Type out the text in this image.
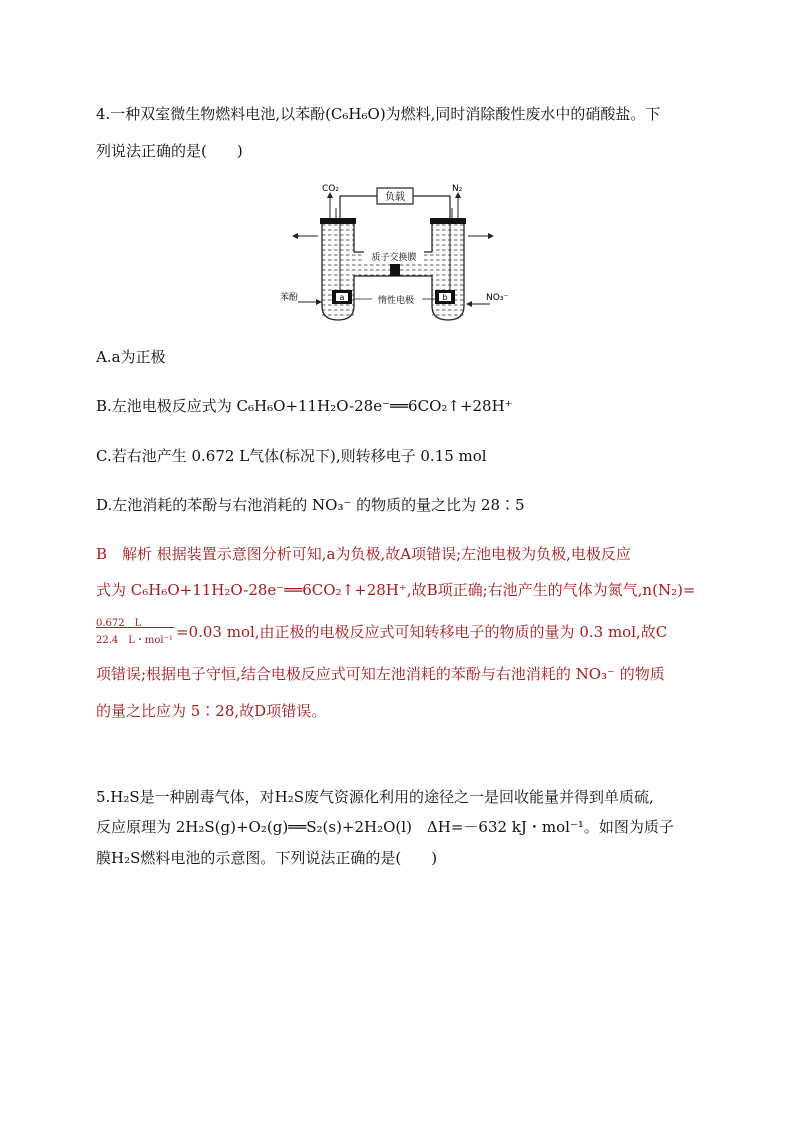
4.一种双室微生物燃料电池,以苯酚(C₆H₆O)为燃料,同时消除酸性废水中的硝酸盐。下
列说法正确的是(　　)
负载
CO₂	N₂
质子交换膜
a	b
惰性电极
苯酚	NO₃⁻
A.a为正极
B.左池电极反应式为 C₆H₆O+11H₂O-28e⁻══6CO₂↑+28H⁺
C.若右池产生 0.672 L气体(标况下),则转移电子 0.15 mol
D.左池消耗的苯酚与右池消耗的 NO₃⁻ 的物质的量之比为 28∶5
B　解析 根据装置示意图分析可知,a为负极,故A项错误;左池电极为负极,电极反应
式为 C₆H₆O+11H₂O-28e⁻══6CO₂↑+28H⁺,故B项正确;右池产生的气体为氮气,n(N₂)=
0.672　L
22.4　L・mol⁻¹ =0.03 mol,由正极的电极反应式可知转移电子的物质的量为 0.3 mol,故C
项错误;根据电子守恒,结合电极反应式可知左池消耗的苯酚与右池消耗的 NO₃⁻ 的物质
的量之比应为 5∶28,故D项错误。
5.H₂S是一种剧毒气体，对H₂S废气资源化利用的途径之一是回收能量并得到单质硫,
反应原理为 2H₂S(g)+O₂(g)══S₂(s)+2H₂O(l)　ΔH=－632 kJ・mol⁻¹。如图为质子
膜H₂S燃料电池的示意图。下列说法正确的是(　　)
